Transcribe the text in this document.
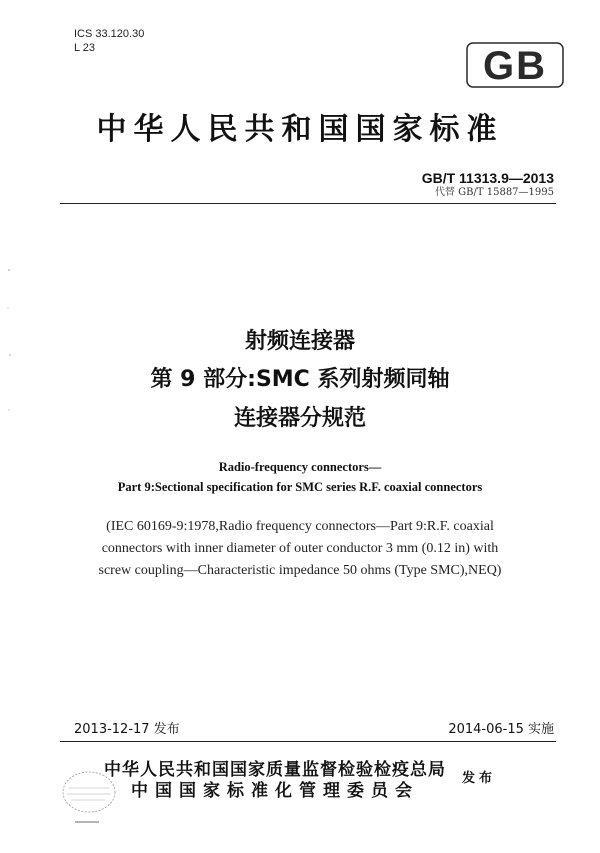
ICS 33.120.30
L 23	GB
中华人民共和国国家标准
GB/T 11313.9—2013
代替 GB/T 15887—1995
射频连接器
第 9 部分:SMC 系列射频同轴
连接器分规范
Radio-frequency connectors—
Part 9:Sectional specification for SMC series R.F. coaxial connectors
(IEC 60169-9:1978,Radio frequency connectors—Part 9:R.F. coaxial
connectors with inner diameter of outer conductor 3 mm (0.12 in) with
screw coupling—Characteristic impedance 50 ohms (Type SMC),NEQ)
2013-12-17 发布	2014-06-15 实施
中华人民共和国国家质量监督检验检疫总局
中国国家标准化管理委员会
发布
